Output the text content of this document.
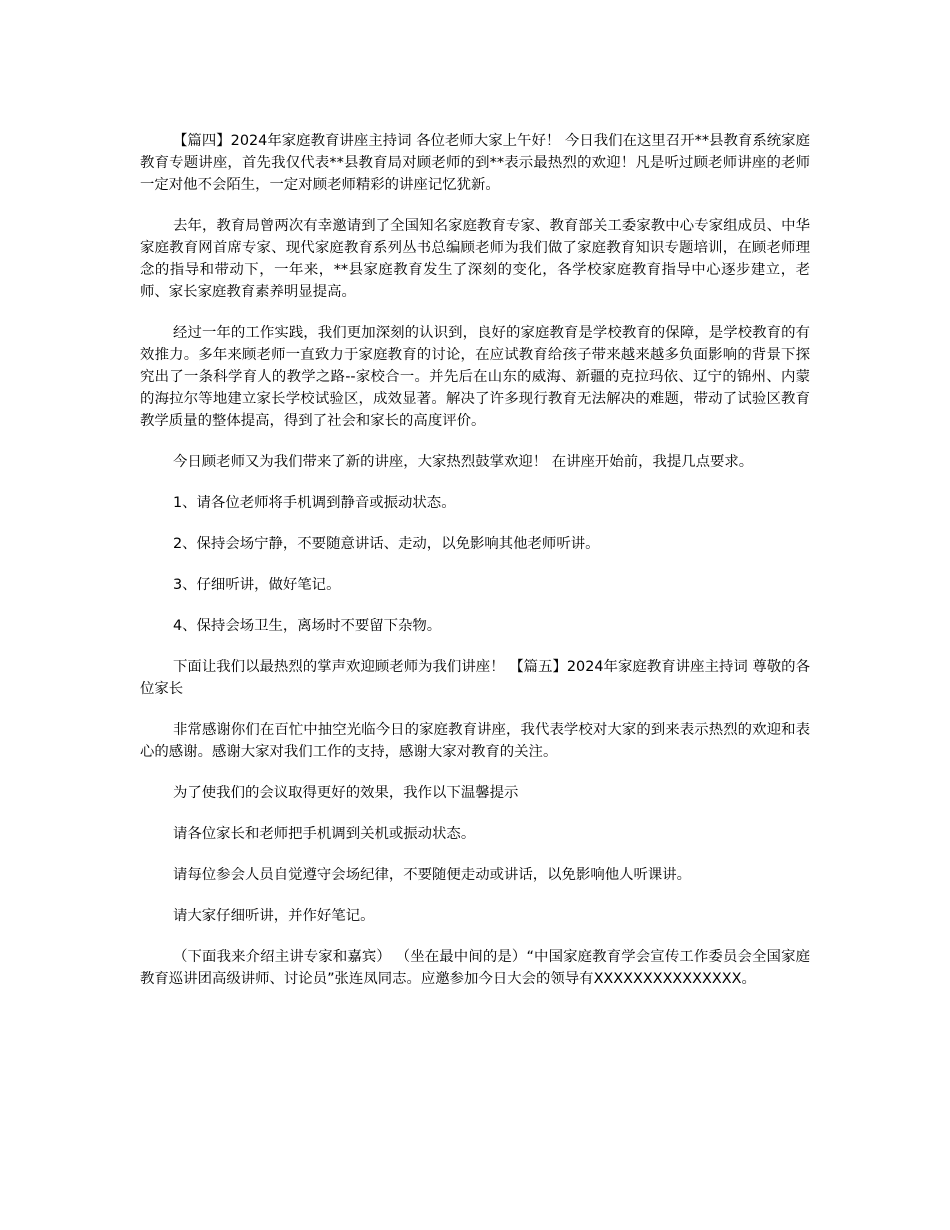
【篇四】2024年家庭教育讲座主持词 各位老师大家上午好！ 今日我们在这里召开**县教育系统家庭教育专题讲座，首先我仅代表**县教育局对顾老师的到**表示最热烈的欢迎！凡是听过顾老师讲座的老师一定对他不会陌生，一定对顾老师精彩的讲座记忆犹新。

去年，教育局曾两次有幸邀请到了全国知名家庭教育专家、教育部关工委家教中心专家组成员、中华家庭教育网首席专家、现代家庭教育系列丛书总编顾老师为我们做了家庭教育知识专题培训，在顾老师理念的指导和带动下，一年来，**县家庭教育发生了深刻的变化，各学校家庭教育指导中心逐步建立，老师、家长家庭教育素养明显提高。

经过一年的工作实践，我们更加深刻的认识到，良好的家庭教育是学校教育的保障，是学校教育的有效推力。多年来顾老师一直致力于家庭教育的讨论，在应试教育给孩子带来越来越多负面影响的背景下探究出了一条科学育人的教学之路--家校合一。并先后在山东的威海、新疆的克拉玛依、辽宁的锦州、内蒙的海拉尔等地建立家长学校试验区，成效显著。解决了许多现行教育无法解决的难题，带动了试验区教育教学质量的整体提高，得到了社会和家长的高度评价。

今日顾老师又为我们带来了新的讲座，大家热烈鼓掌欢迎！ 在讲座开始前，我提几点要求。

1、请各位老师将手机调到静音或振动状态。

2、保持会场宁静，不要随意讲话、走动，以免影响其他老师听讲。

3、仔细听讲，做好笔记。

4、保持会场卫生，离场时不要留下杂物。

下面让我们以最热烈的掌声欢迎顾老师为我们讲座！ 【篇五】2024年家庭教育讲座主持词 尊敬的各位家长

非常感谢你们在百忙中抽空光临今日的家庭教育讲座，我代表学校对大家的到来表示热烈的欢迎和表心的感谢。感谢大家对我们工作的支持，感谢大家对教育的关注。

为了使我们的会议取得更好的效果，我作以下温馨提示

请各位家长和老师把手机调到关机或振动状态。

请每位参会人员自觉遵守会场纪律，不要随便走动或讲话，以免影响他人听课讲。

请大家仔细听讲，并作好笔记。

（下面我来介绍主讲专家和嘉宾） （坐在最中间的是）“中国家庭教育学会宣传工作委员会全国家庭教育巡讲团高级讲师、讨论员”张连凤同志。应邀参加今日大会的领导有XXXXXXXXXXXXXXX。
